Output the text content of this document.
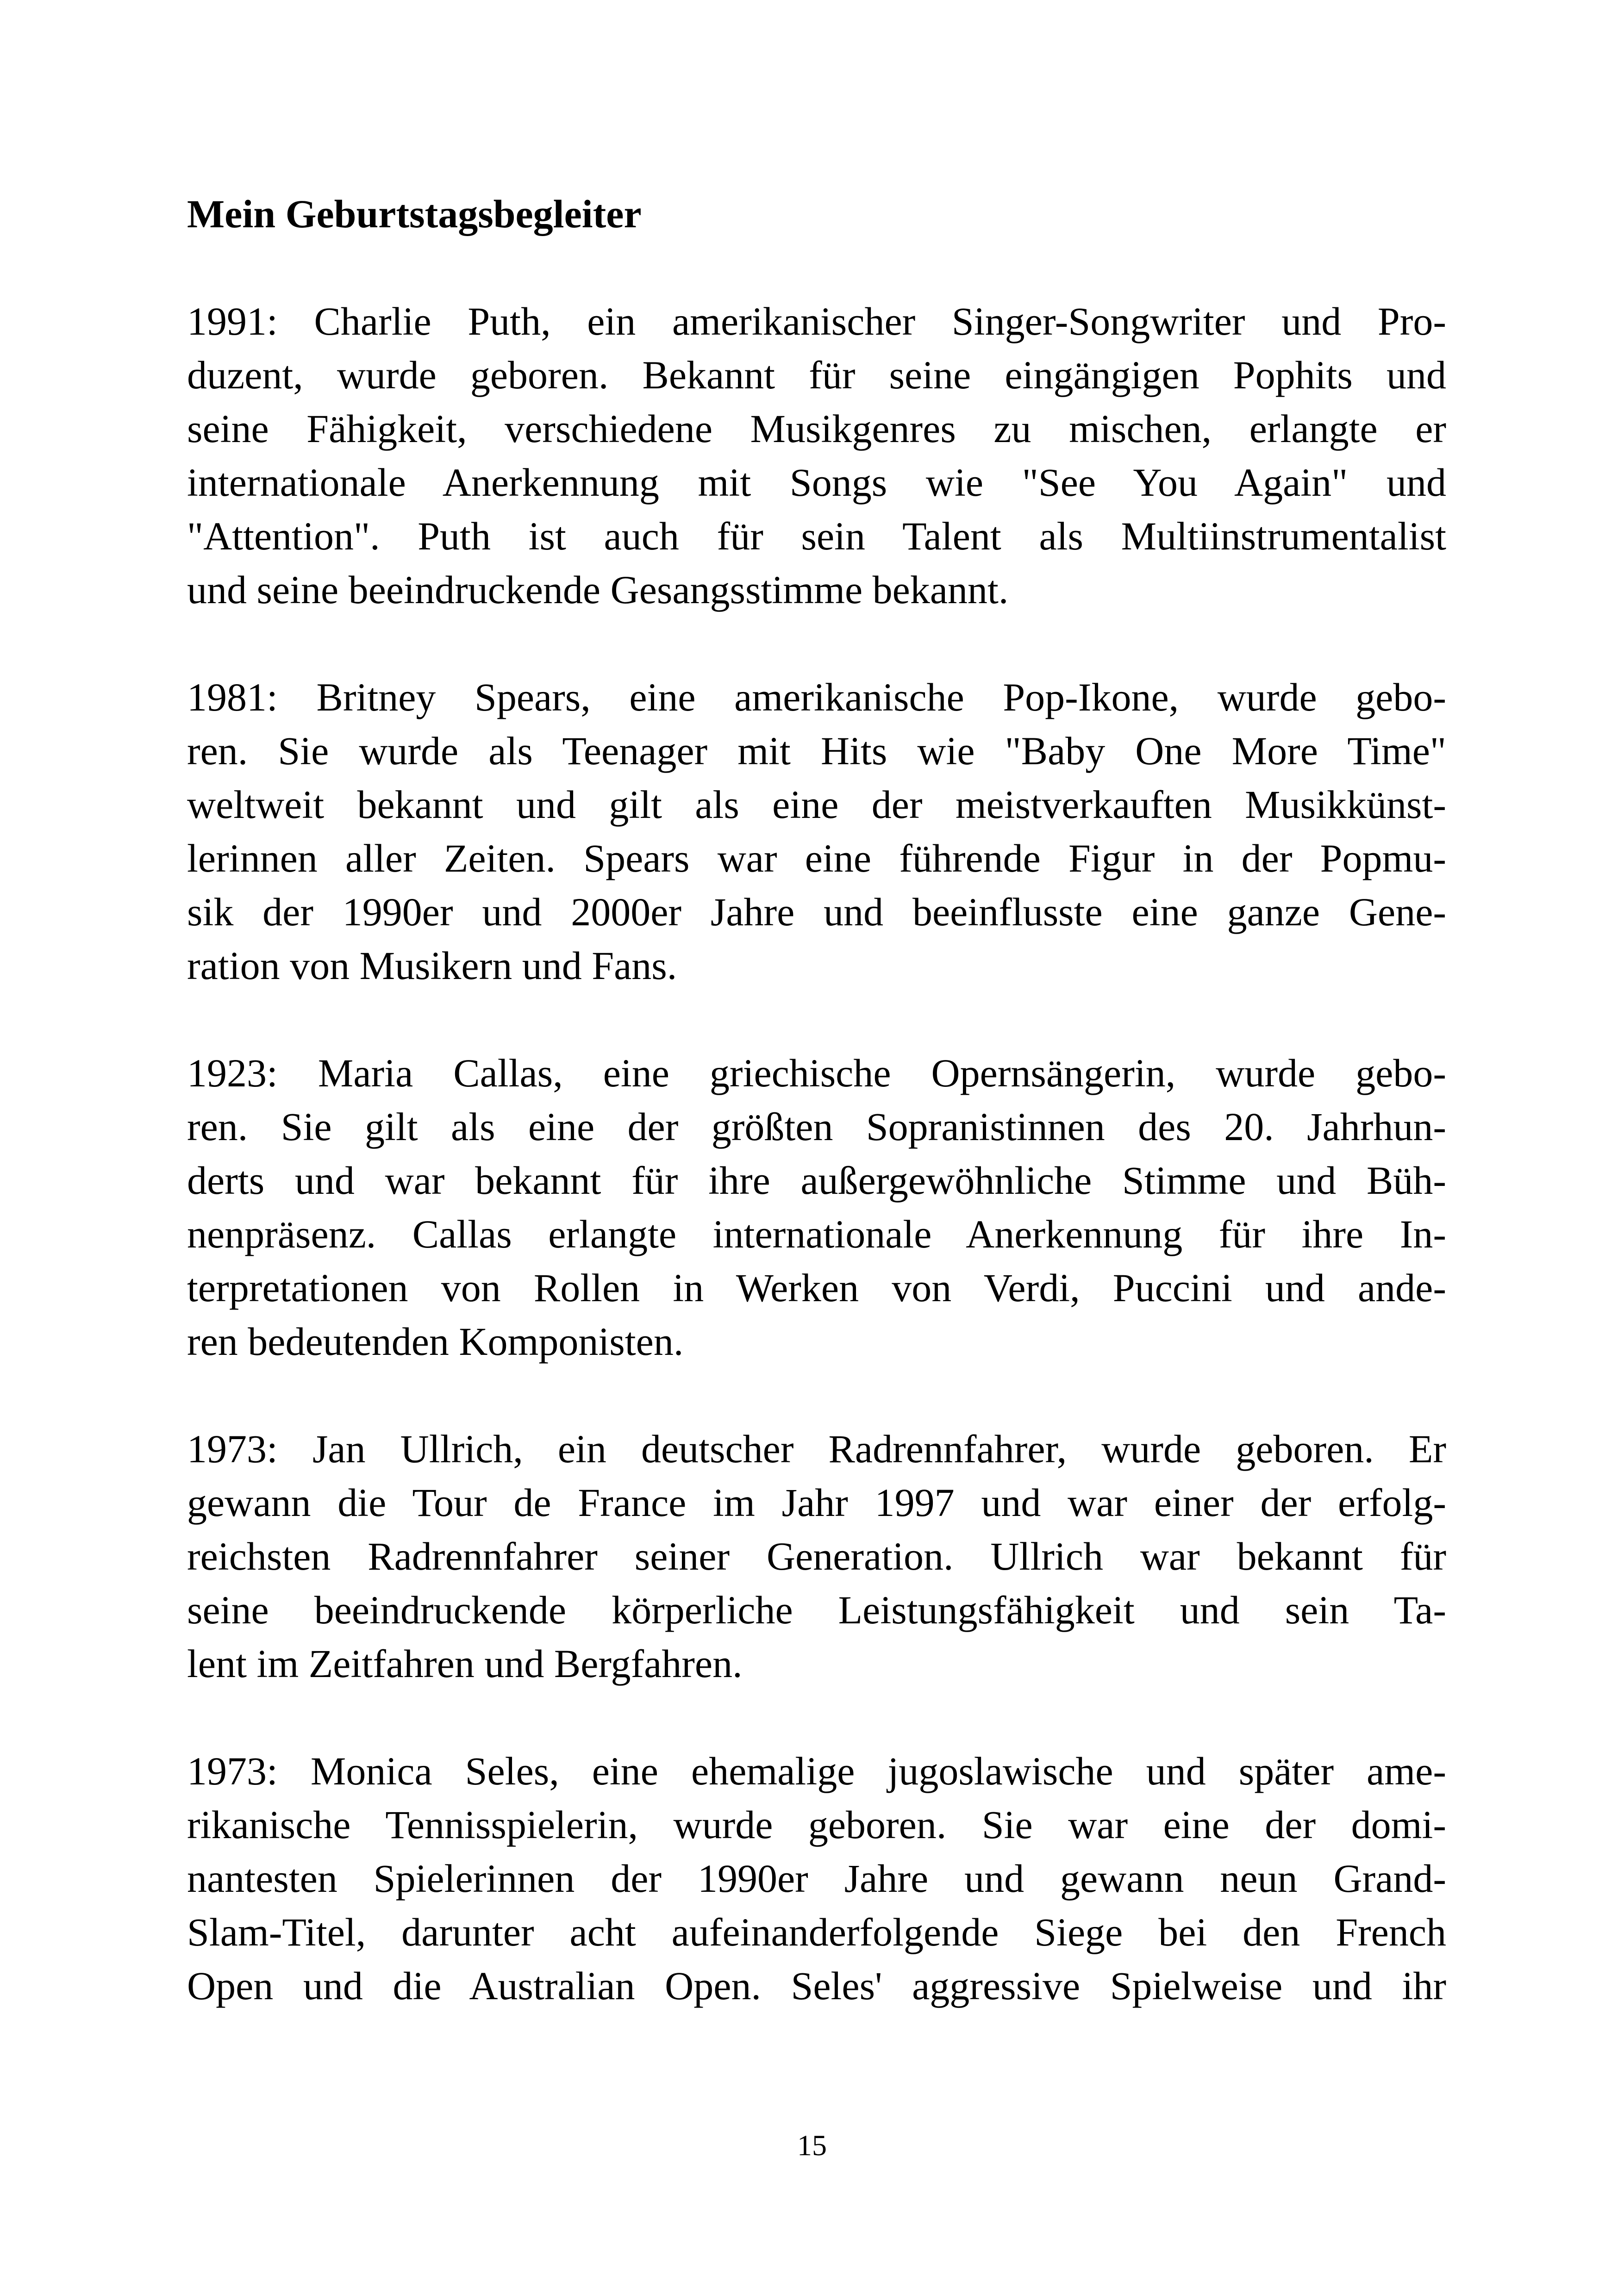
Mein Geburtstagsbegleiter
1991: Charlie Puth, ein amerikanischer Singer-Songwriter und Pro-
duzent, wurde geboren. Bekannt für seine eingängigen Pophits und
seine Fähigkeit, verschiedene Musikgenres zu mischen, erlangte er
internationale Anerkennung mit Songs wie "See You Again" und
"Attention". Puth ist auch für sein Talent als Multiinstrumentalist
und seine beeindruckende Gesangsstimme bekannt.
1981: Britney Spears, eine amerikanische Pop-Ikone, wurde gebo-
ren. Sie wurde als Teenager mit Hits wie "Baby One More Time"
weltweit bekannt und gilt als eine der meistverkauften Musikkünst-
lerinnen aller Zeiten. Spears war eine führende Figur in der Popmu-
sik der 1990er und 2000er Jahre und beeinflusste eine ganze Gene-
ration von Musikern und Fans.
1923: Maria Callas, eine griechische Opernsängerin, wurde gebo-
ren. Sie gilt als eine der größten Sopranistinnen des 20. Jahrhun-
derts und war bekannt für ihre außergewöhnliche Stimme und Büh-
nenpräsenz. Callas erlangte internationale Anerkennung für ihre In-
terpretationen von Rollen in Werken von Verdi, Puccini und ande-
ren bedeutenden Komponisten.
1973: Jan Ullrich, ein deutscher Radrennfahrer, wurde geboren. Er
gewann die Tour de France im Jahr 1997 und war einer der erfolg-
reichsten Radrennfahrer seiner Generation. Ullrich war bekannt für
seine beeindruckende körperliche Leistungsfähigkeit und sein Ta-
lent im Zeitfahren und Bergfahren.
1973: Monica Seles, eine ehemalige jugoslawische und später ame-
rikanische Tennisspielerin, wurde geboren. Sie war eine der domi-
nantesten Spielerinnen der 1990er Jahre und gewann neun Grand-
Slam-Titel, darunter acht aufeinanderfolgende Siege bei den French
Open und die Australian Open. Seles' aggressive Spielweise und ihr
15
